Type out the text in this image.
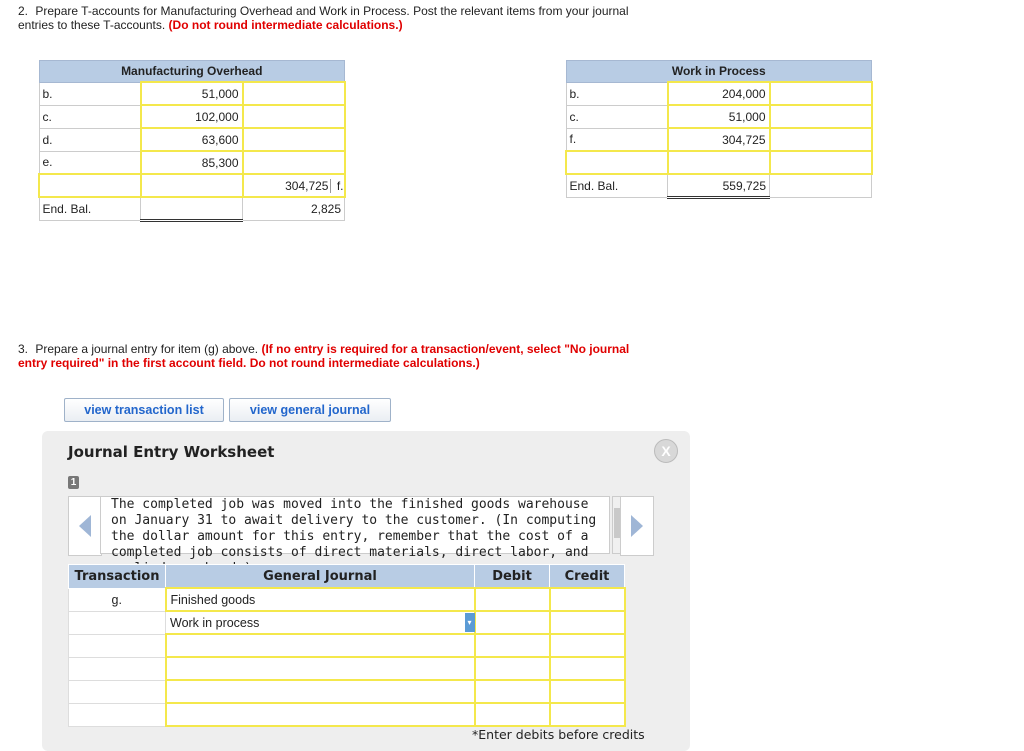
2. Prepare T-accounts for Manufacturing Overhead and Work in Process. Post the relevant items from your journal entries to these T-accounts. (Do not round intermediate calculations.)
Manufacturing Overhead		
b.	51,000	
c.	102,000	
d.	63,600	
e.	85,300	
		304,725 f.
End. Bal.		2,825
Work in Process		
b.	204,000	
c.	51,000	
f.	304,725	

End. Bal.	559,725	
3. Prepare a journal entry for item (g) above. (If no entry is required for a transaction/event, select "No journal entry required" in the first account field. Do not round intermediate calculations.)
view transaction list	view general journal
Journal Entry Worksheet	X
1
The completed job was moved into the finished goods warehouse on January 31 to await delivery to the customer. (In computing the dollar amount for this entry, remember that the cost of a completed job consists of direct materials, direct labor, and
Transaction	General Journal	Debit	Credit
g.	Finished goods		
	Work in process ▾		

*Enter debits before credits
